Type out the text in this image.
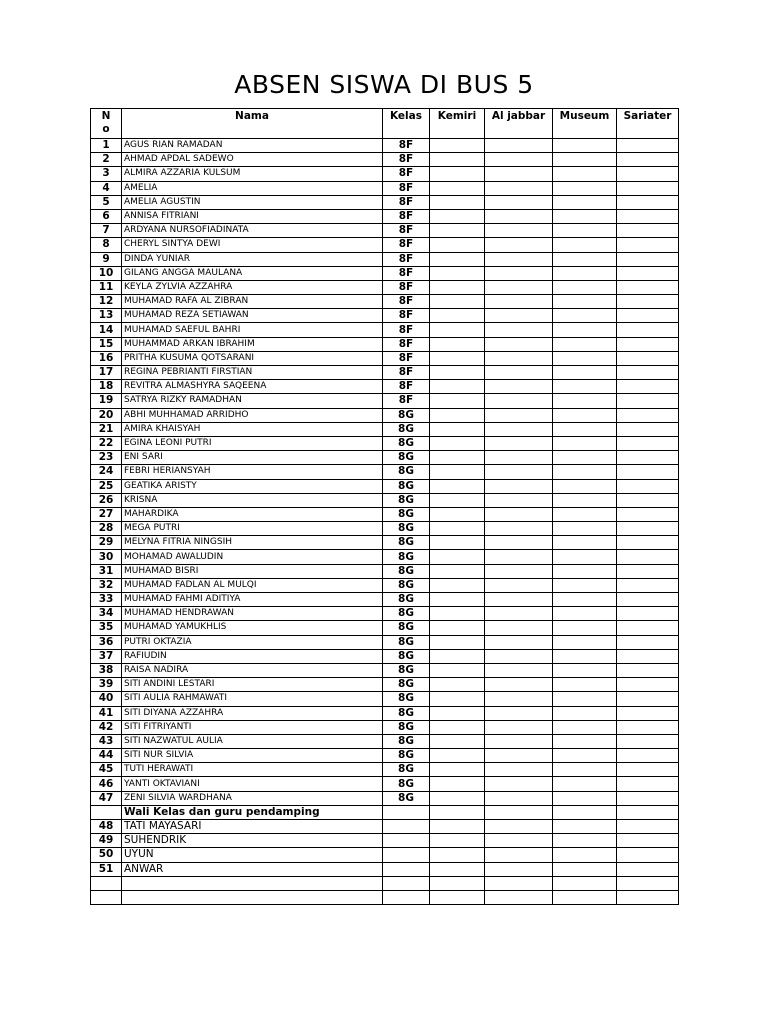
ABSEN SISWA DI BUS 5
N o	Nama	Kelas	Kemiri	Al jabbar	Museum	Sariater
1	AGUS RIAN RAMADAN	8F				
2	AHMAD APDAL SADEWO	8F				
3	ALMIRA AZZARIA KULSUM	8F				
4	AMELIA	8F				
5	AMELIA AGUSTIN	8F				
6	ANNISA FITRIANI	8F				
7	ARDYANA NURSOFIADINATA	8F				
8	CHERYL SINTYA DEWI	8F				
9	DINDA YUNIAR	8F				
10	GILANG ANGGA MAULANA	8F				
11	KEYLA ZYLVIA AZZAHRA	8F				
12	MUHAMAD RAFA AL ZIBRAN	8F				
13	MUHAMAD REZA SETIAWAN	8F				
14	MUHAMAD SAEFUL BAHRI	8F				
15	MUHAMMAD ARKAN IBRAHIM	8F				
16	PRITHA KUSUMA QOTSARANI	8F				
17	REGINA PEBRIANTI FIRSTIAN	8F				
18	REVITRA ALMASHYRA SAQEENA	8F				
19	SATRYA RIZKY RAMADHAN	8F				
20	ABHI MUHHAMAD ARRIDHO	8G				
21	AMIRA KHAISYAH	8G				
22	EGINA LEONI PUTRI	8G				
23	ENI SARI	8G				
24	FEBRI HERIANSYAH	8G				
25	GEATIKA ARISTY	8G				
26	KRISNA	8G				
27	MAHARDIKA	8G				
28	MEGA PUTRI	8G				
29	MELYNA FITRIA NINGSIH	8G				
30	MOHAMAD AWALUDIN	8G				
31	MUHAMAD BISRI	8G				
32	MUHAMAD FADLAN AL MULQI	8G				
33	MUHAMAD FAHMI ADITIYA	8G				
34	MUHAMAD HENDRAWAN	8G				
35	MUHAMAD YAMUKHLIS	8G				
36	PUTRI OKTAZIA	8G				
37	RAFIUDIN	8G				
38	RAISA NADIRA	8G				
39	SITI ANDINI LESTARI	8G				
40	SITI AULIA RAHMAWATI	8G				
41	SITI DIYANA AZZAHRA	8G				
42	SITI FITRIYANTI	8G				
43	SITI NAZWATUL AULIA	8G				
44	SITI NUR SILVIA	8G				
45	TUTI HERAWATI	8G				
46	YANTI OKTAVIANI	8G				
47	ZENI SILVIA WARDHANA	8G				
	Wali Kelas dan guru pendamping					
48	TATI MAYASARI					
49	SUHENDRIK					
50	UYUN					
51	ANWAR					
